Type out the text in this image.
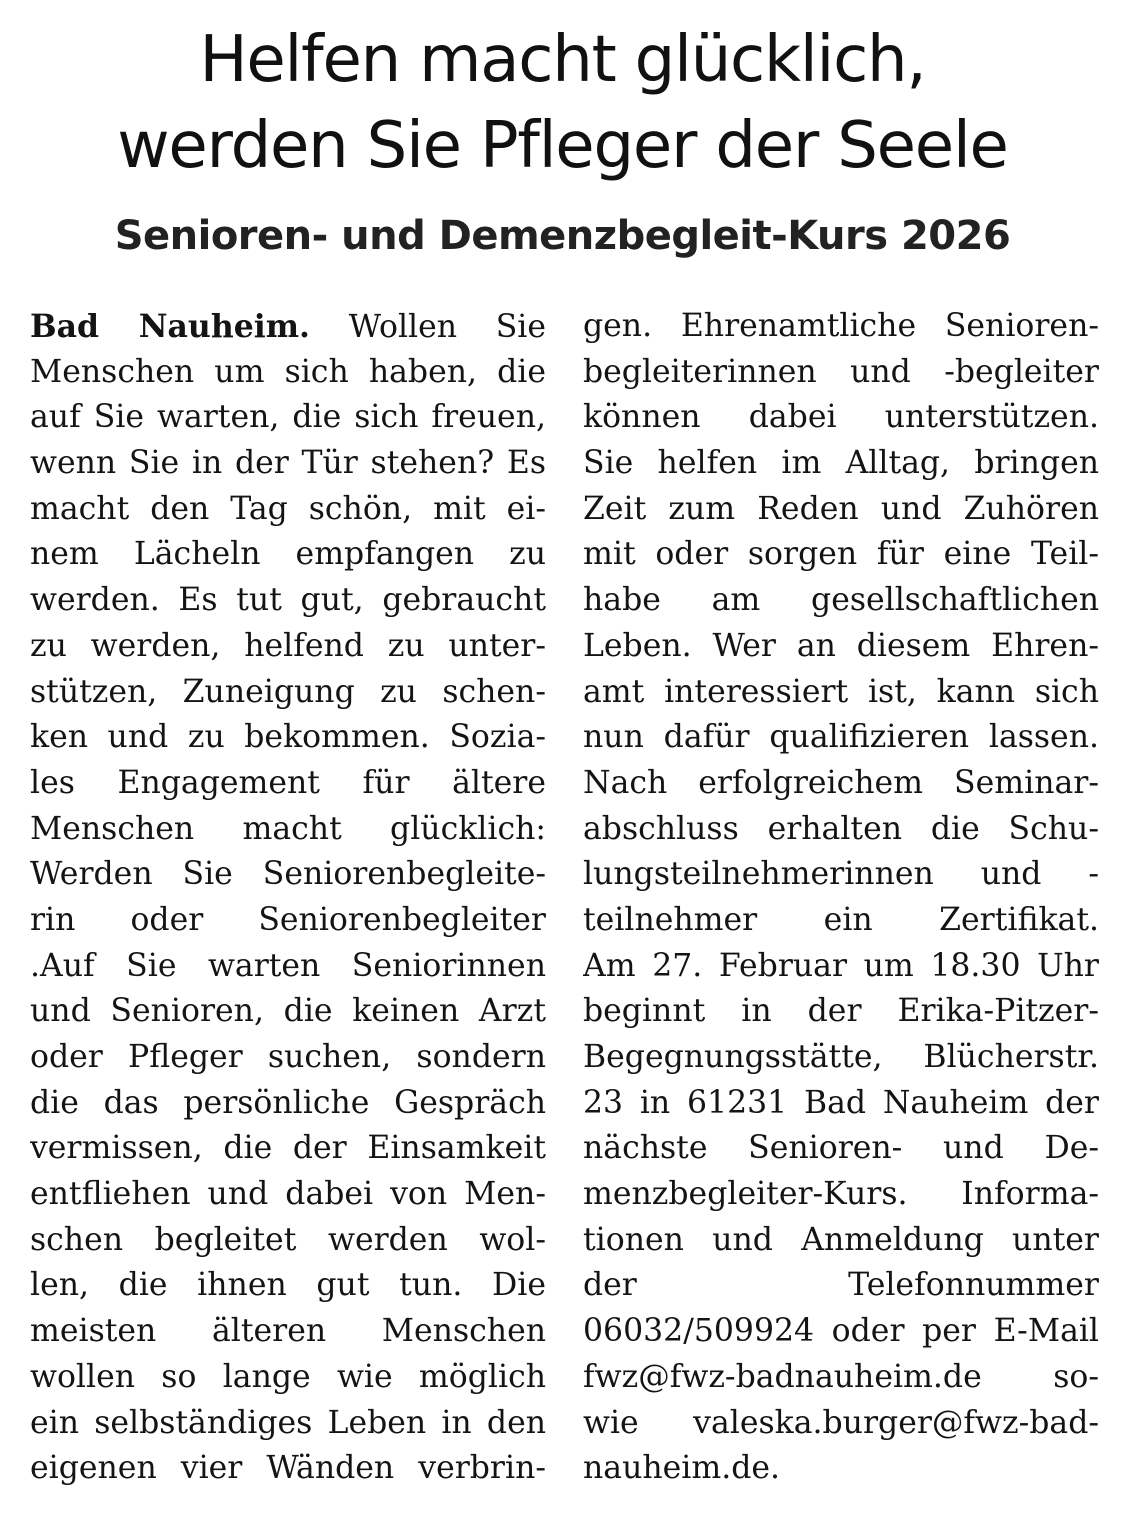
Helfen macht glücklich,
werden Sie Pfleger der Seele
Senioren- und Demenzbegleit-Kurs 2026
Bad Nauheim. Wollen Sie
Menschen um sich haben, die
auf Sie warten, die sich freuen,
wenn Sie in der Tür stehen? Es
macht den Tag schön, mit ei-
nem Lächeln empfangen zu
werden. Es tut gut, gebraucht
zu werden, helfend zu unter-
stützen, Zuneigung zu schen-
ken und zu bekommen. Sozia-
les Engagement für ältere
Menschen macht glücklich:
Werden Sie Seniorenbegleite-
rin oder Seniorenbegleiter
.Auf Sie warten Seniorinnen
und Senioren, die keinen Arzt
oder Pfleger suchen, sondern
die das persönliche Gespräch
vermissen, die der Einsamkeit
entfliehen und dabei von Men-
schen begleitet werden wol-
len, die ihnen gut tun. Die
meisten älteren Menschen
wollen so lange wie möglich
ein selbständiges Leben in den
eigenen vier Wänden verbrin-
gen. Ehrenamtliche Senioren-
begleiterinnen und -begleiter
können dabei unterstützen.
Sie helfen im Alltag, bringen
Zeit zum Reden und Zuhören
mit oder sorgen für eine Teil-
habe am gesellschaftlichen
Leben. Wer an diesem Ehren-
amt interessiert ist, kann sich
nun dafür qualifizieren lassen.
Nach erfolgreichem Seminar-
abschluss erhalten die Schu-
lungsteilnehmerinnen und -
teilnehmer ein Zertifikat.
Am 27. Februar um 18.30 Uhr
beginnt in der Erika-Pitzer-
Begegnungsstätte, Blücherstr.
23 in 61231 Bad Nauheim der
nächste Senioren- und De-
menzbegleiter-Kurs. Informa-
tionen und Anmeldung unter
der Telefonnummer
06032/509924 oder per E-Mail
fwz@fwz-badnauheim.de so-
wie valeska.burger@fwz-bad-
nauheim.de.
